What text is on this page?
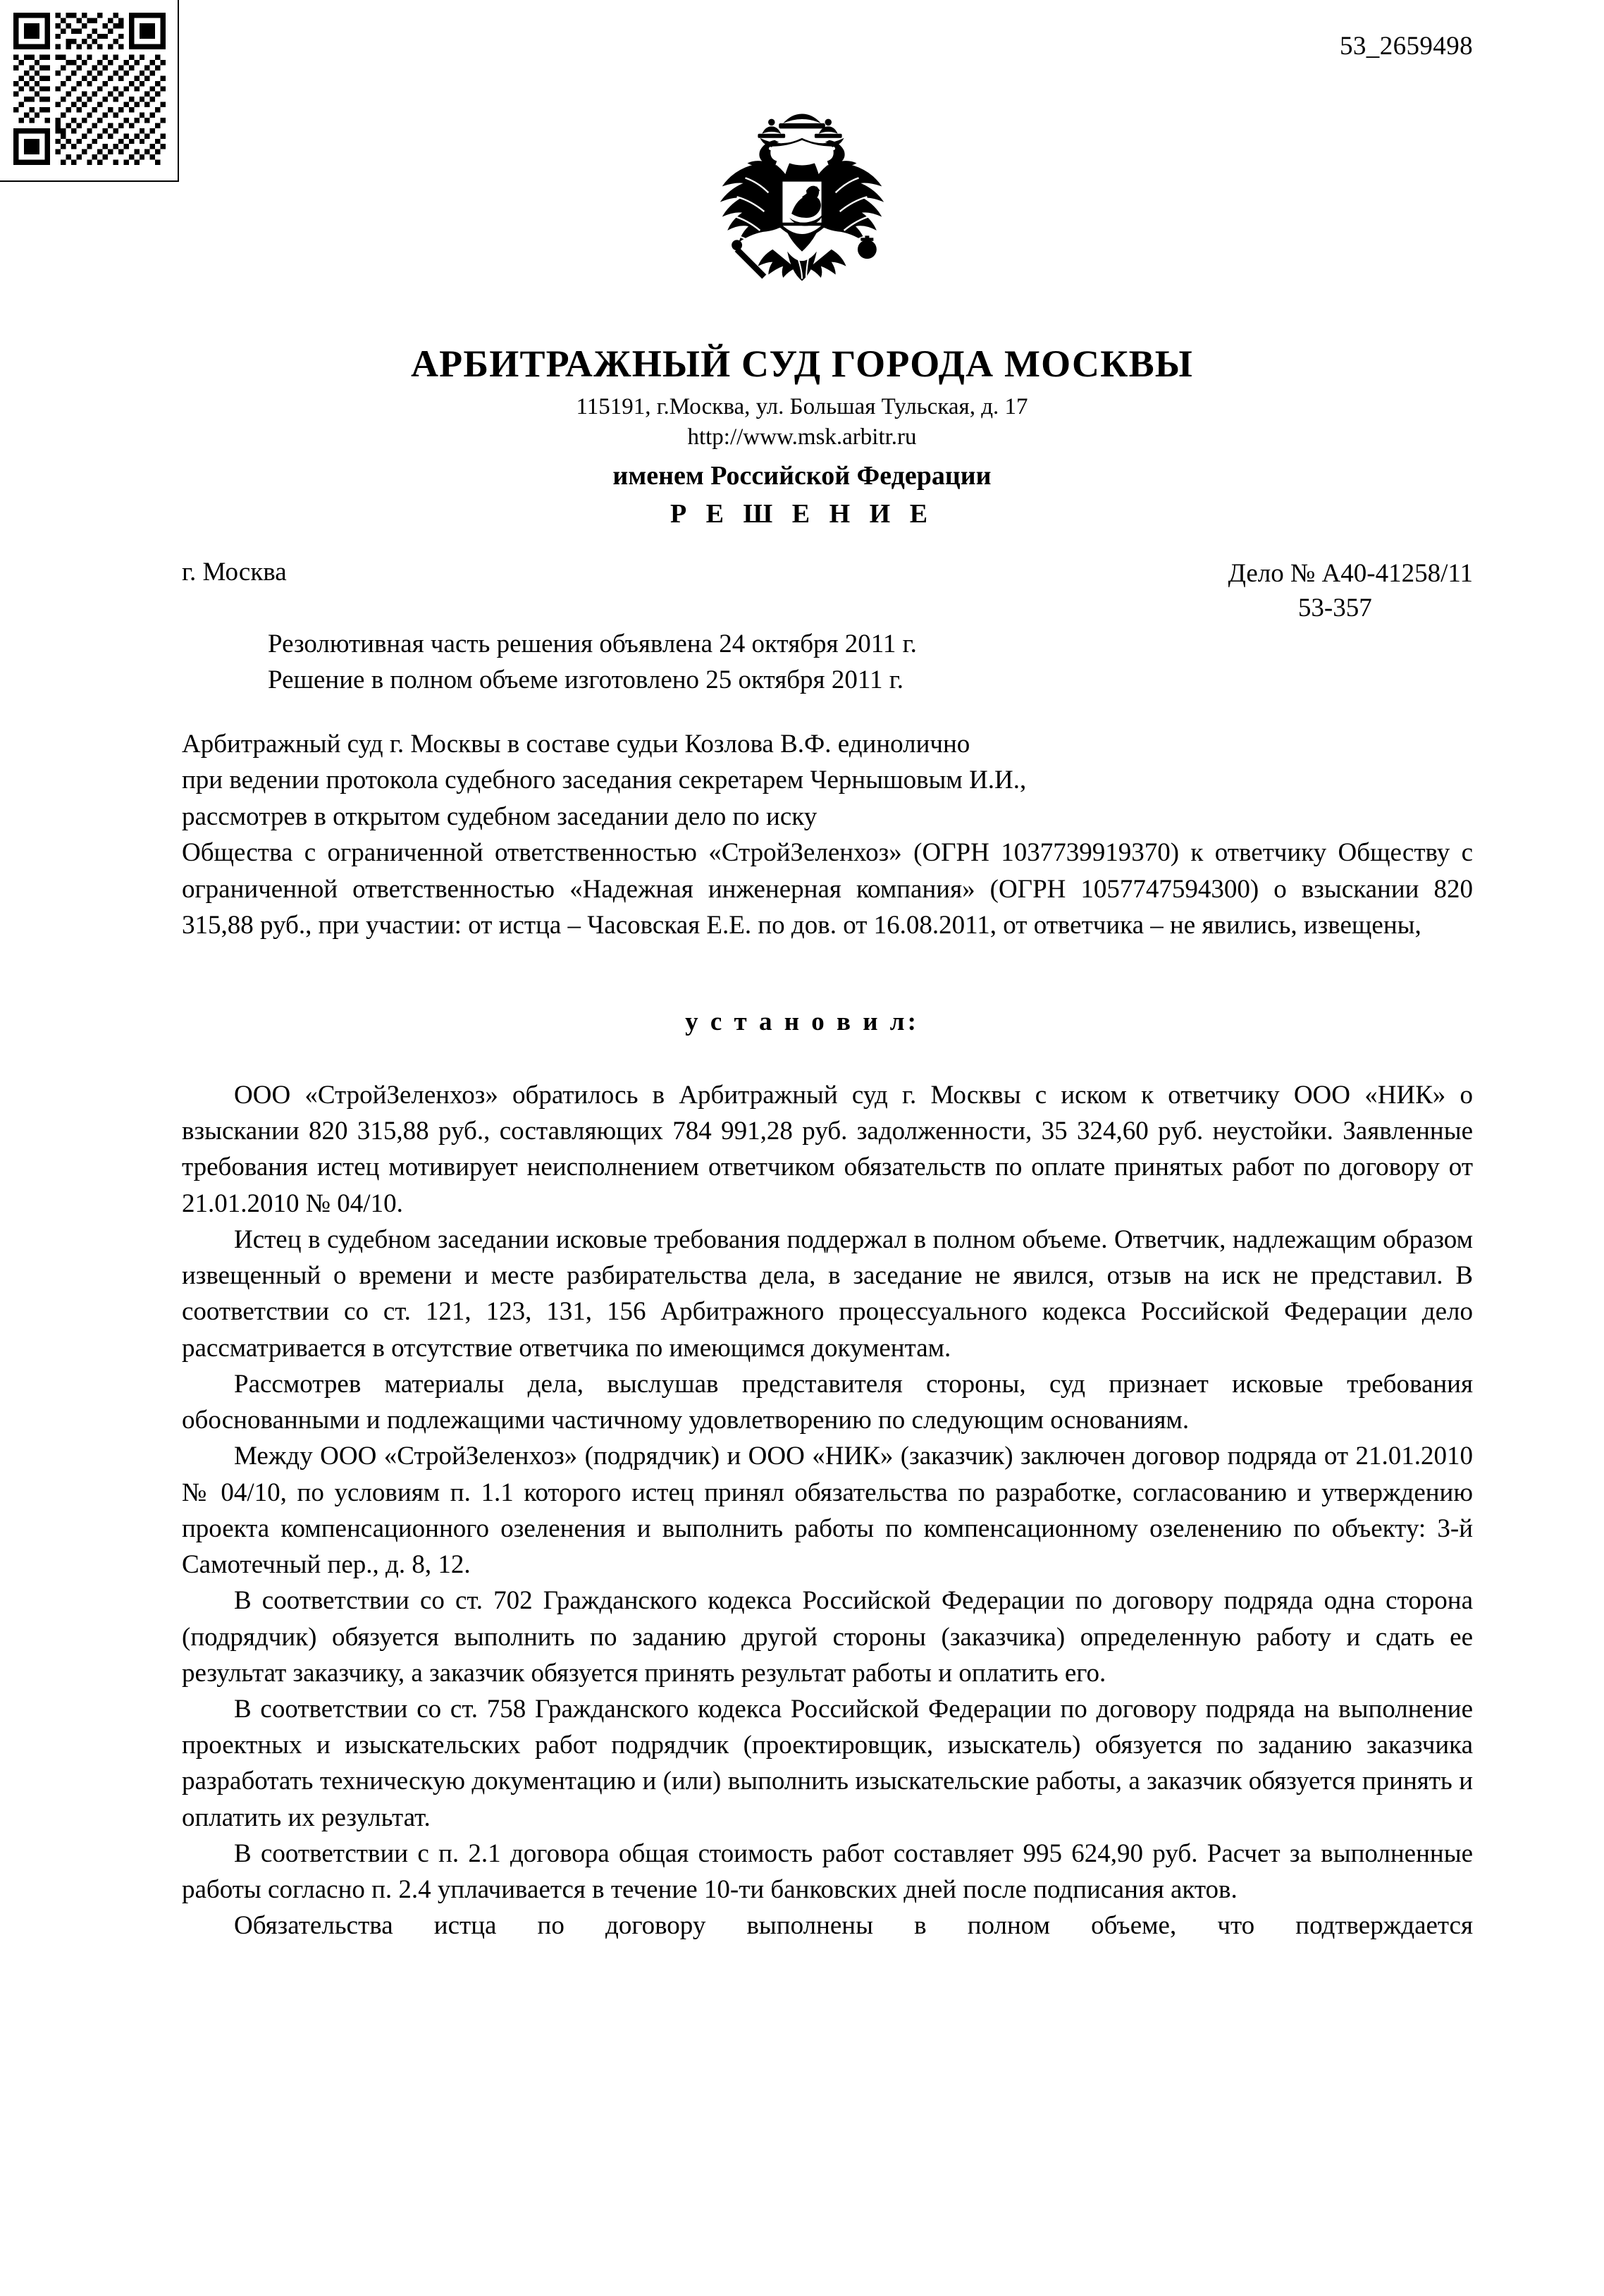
53_2659498
АРБИТРАЖНЫЙ СУД ГОРОДА МОСКВЫ
115191, г.Москва, ул. Большая Тульская, д. 17
http://www.msk.arbitr.ru
именем Российской Федерации
Р Е Ш Е Н И Е
г. Москва	Дело № А40-41258/11
53-357
Резолютивная часть решения объявлена 24 октября 2011 г.
Решение в полном объеме изготовлено 25 октября 2011 г.

Арбитражный суд г. Москвы в составе судьи Козлова В.Ф. единолично

при ведении протокола судебного заседания секретарем Чернышовым И.И.,

рассмотрев в открытом судебном заседании дело по иску

Общества с ограниченной ответственностью «СтройЗеленхоз» (ОГРН 1037739919370) к ответчику Обществу с ограниченной ответственностью «Надежная инженерная компания» (ОГРН 1057747594300) о взыскании 820 315,88 руб., при участии: от истца – Часовская Е.Е. по дов. от 16.08.2011, от ответчика – не явились, извещены,

у с т а н о в и л:

ООО «СтройЗеленхоз» обратилось в Арбитражный суд г. Москвы с иском к ответчику ООО «НИК» о взыскании 820 315,88 руб., составляющих 784 991,28 руб. задолженности, 35 324,60 руб. неустойки. Заявленные требования истец мотивирует неисполнением ответчиком обязательств по оплате принятых работ по договору от 21.01.2010 № 04/10.

Истец в судебном заседании исковые требования поддержал в полном объеме. Ответчик, надлежащим образом извещенный о времени и месте разбирательства дела, в заседание не явился, отзыв на иск не представил. В соответствии со ст. 121, 123, 131, 156 Арбитражного процессуального кодекса Российской Федерации дело рассматривается в отсутствие ответчика по имеющимся документам.

Рассмотрев материалы дела, выслушав представителя стороны, суд признает исковые требования обоснованными и подлежащими частичному удовлетворению по следующим основаниям.

Между ООО «СтройЗеленхоз» (подрядчик) и ООО «НИК» (заказчик) заключен договор подряда от 21.01.2010 № 04/10, по условиям п. 1.1 которого истец принял обязательства по разработке, согласованию и утверждению проекта компенсационного озеленения и выполнить работы по компенсационному озеленению по объекту: 3-й Самотечный пер., д. 8, 12.

В соответствии со ст. 702 Гражданского кодекса Российской Федерации по договору подряда одна сторона (подрядчик) обязуется выполнить по заданию другой стороны (заказчика) определенную работу и сдать ее результат заказчику, а заказчик обязуется принять результат работы и оплатить его.

В соответствии со ст. 758 Гражданского кодекса Российской Федерации по договору подряда на выполнение проектных и изыскательских работ подрядчик (проектировщик, изыскатель) обязуется по заданию заказчика разработать техническую документацию и (или) выполнить изыскательские работы, а заказчик обязуется принять и оплатить их результат.

В соответствии с п. 2.1 договора общая стоимость работ составляет 995 624,90 руб. Расчет за выполненные работы согласно п. 2.4 уплачивается в течение 10-ти банковских дней после подписания актов.

Обязательства истца по договору выполнены в полном объеме, что подтверждается
